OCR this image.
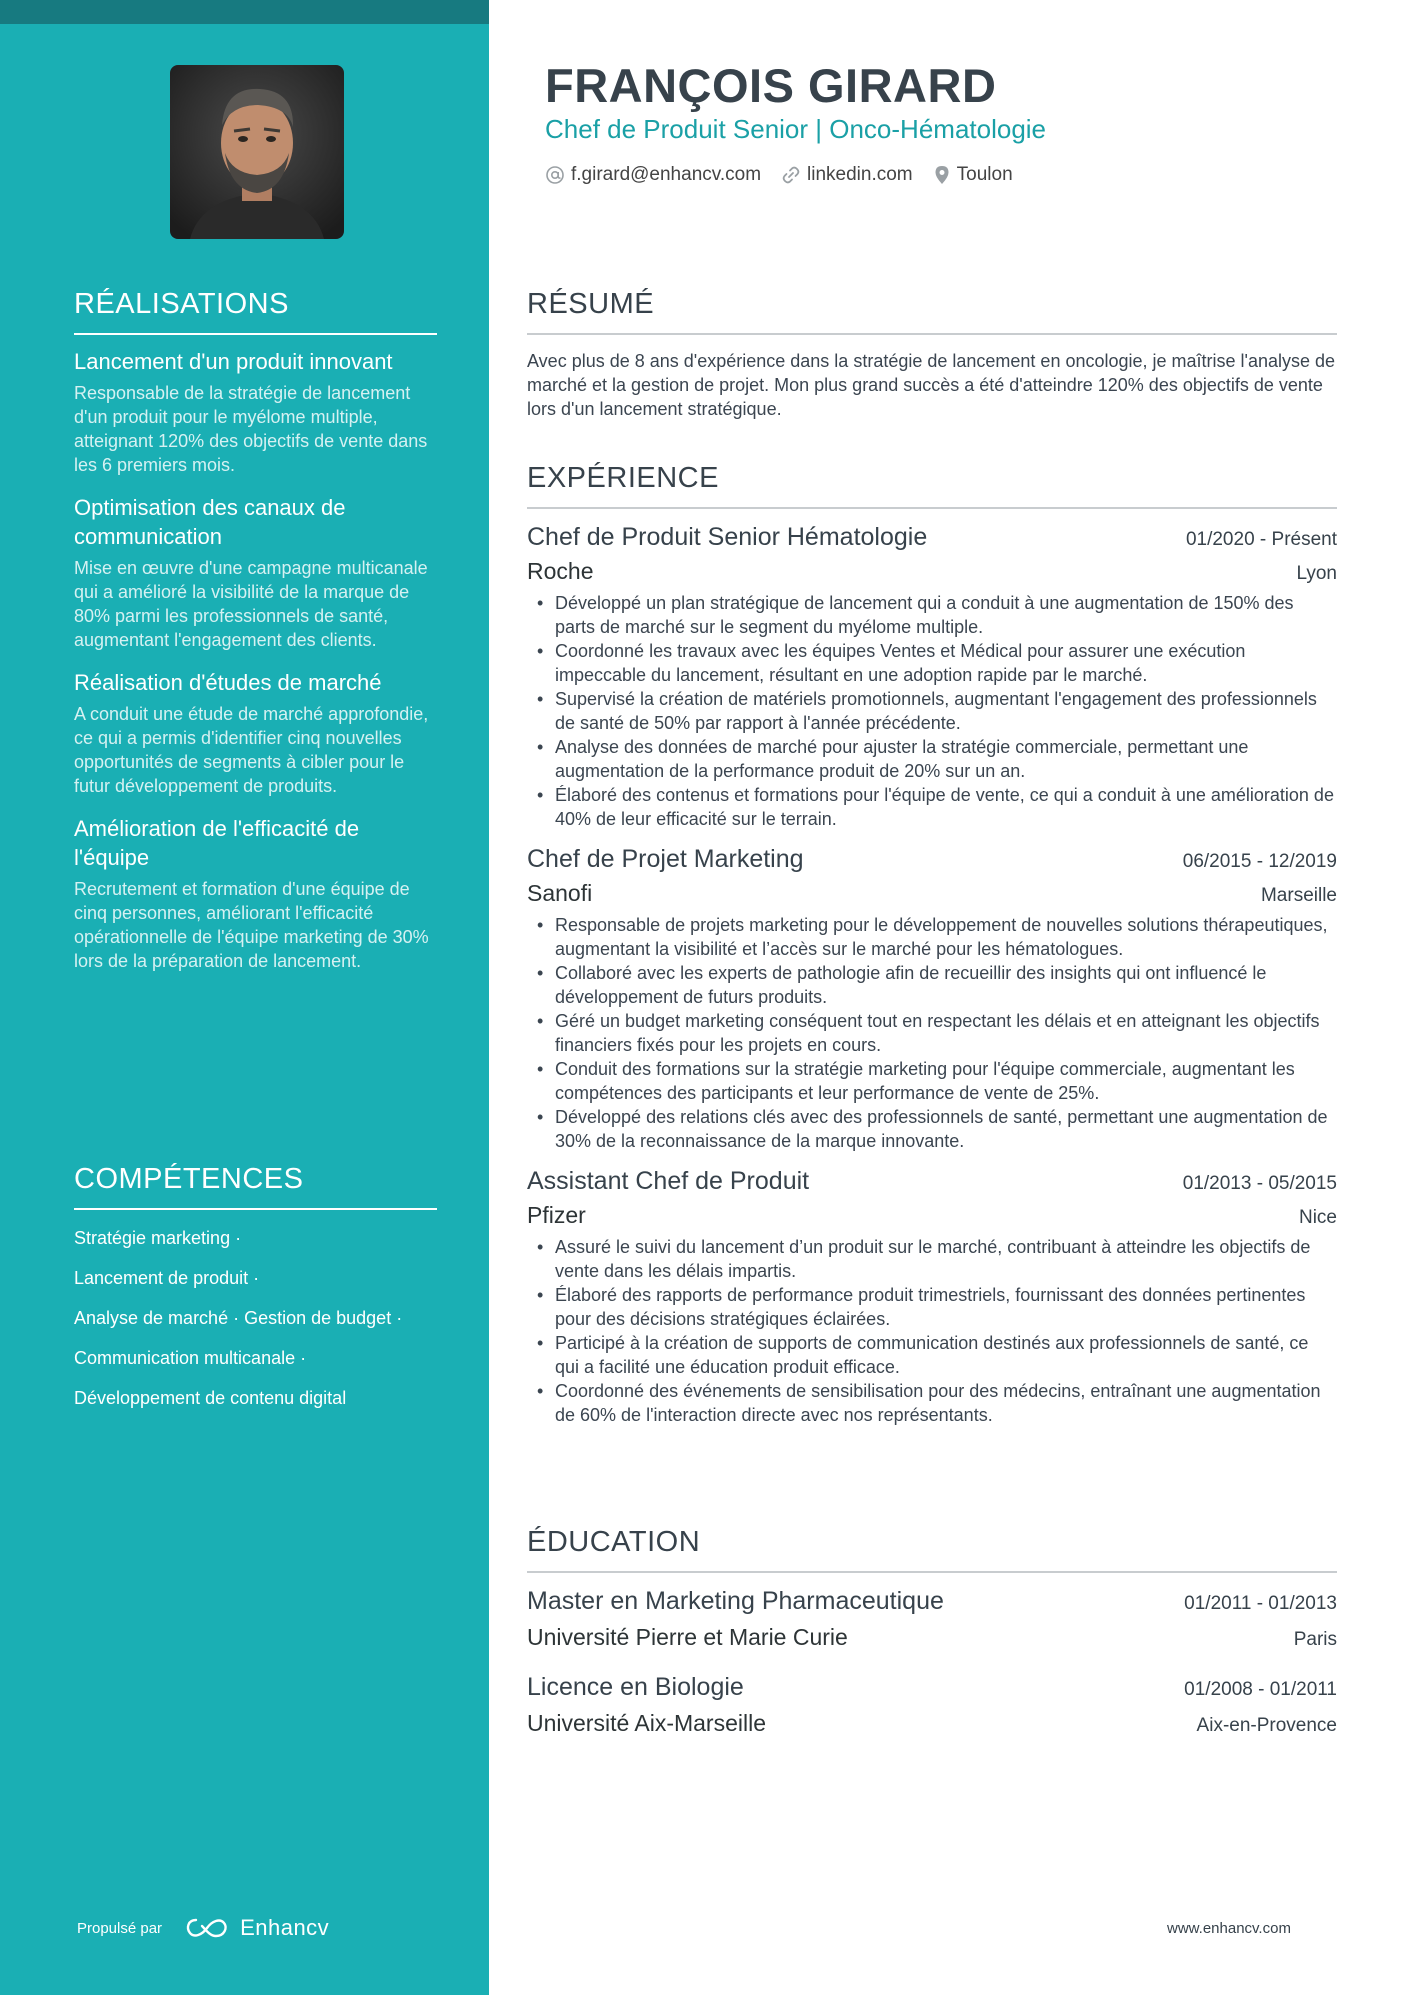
RÉALISATIONS
Lancement d'un produit innovant
Responsable de la stratégie de lancement d'un produit pour le myélome multiple, atteignant 120% des objectifs de vente dans les 6 premiers mois.
Optimisation des canaux de communication
Mise en œuvre d'une campagne multicanale qui a amélioré la visibilité de la marque de 80% parmi les professionnels de santé, augmentant l'engagement des clients.
Réalisation d'études de marché
A conduit une étude de marché approfondie, ce qui a permis d'identifier cinq nouvelles opportunités de segments à cibler pour le futur développement de produits.
Amélioration de l'efficacité de l'équipe
Recrutement et formation d'une équipe de cinq personnes, améliorant l'efficacité opérationnelle de l'équipe marketing de 30% lors de la préparation de lancement.
COMPÉTENCES
Stratégie marketing ·
Lancement de produit ·
Analyse de marché · Gestion de budget ·
Communication multicanale ·
Développement de contenu digital
Propulsé par	Enhancv
FRANÇOIS GIRARD
Chef de Produit Senior | Onco-Hématologie
f.girard@enhancv.com linkedin.com Toulon
RÉSUMÉ
Avec plus de 8 ans d'expérience dans la stratégie de lancement en oncologie, je maîtrise l'analyse de marché et la gestion de projet. Mon plus grand succès a été d'atteindre 120% des objectifs de vente lors d'un lancement stratégique.
EXPÉRIENCE
Chef de Produit Senior Hématologie	01/2020 - Présent
Roche	Lyon
• Développé un plan stratégique de lancement qui a conduit à une augmentation de 150% des parts de marché sur le segment du myélome multiple.
• Coordonné les travaux avec les équipes Ventes et Médical pour assurer une exécution impeccable du lancement, résultant en une adoption rapide par le marché.
• Supervisé la création de matériels promotionnels, augmentant l'engagement des professionnels de santé de 50% par rapport à l'année précédente.
• Analyse des données de marché pour ajuster la stratégie commerciale, permettant une augmentation de la performance produit de 20% sur un an.
• Élaboré des contenus et formations pour l'équipe de vente, ce qui a conduit à une amélioration de 40% de leur efficacité sur le terrain.
Chef de Projet Marketing	06/2015 - 12/2019
Sanofi	Marseille
• Responsable de projets marketing pour le développement de nouvelles solutions thérapeutiques, augmentant la visibilité et l’accès sur le marché pour les hématologues.
• Collaboré avec les experts de pathologie afin de recueillir des insights qui ont influencé le développement de futurs produits.
• Géré un budget marketing conséquent tout en respectant les délais et en atteignant les objectifs financiers fixés pour les projets en cours.
• Conduit des formations sur la stratégie marketing pour l'équipe commerciale, augmentant les compétences des participants et leur performance de vente de 25%.
• Développé des relations clés avec des professionnels de santé, permettant une augmentation de 30% de la reconnaissance de la marque innovante.
Assistant Chef de Produit	01/2013 - 05/2015
Pfizer	Nice
• Assuré le suivi du lancement d’un produit sur le marché, contribuant à atteindre les objectifs de vente dans les délais impartis.
• Élaboré des rapports de performance produit trimestriels, fournissant des données pertinentes pour des décisions stratégiques éclairées.
• Participé à la création de supports de communication destinés aux professionnels de santé, ce qui a facilité une éducation produit efficace.
• Coordonné des événements de sensibilisation pour des médecins, entraînant une augmentation de 60% de l'interaction directe avec nos représentants.
ÉDUCATION
Master en Marketing Pharmaceutique	01/2011 - 01/2013
Université Pierre et Marie Curie	Paris
Licence en Biologie	01/2008 - 01/2011
Université Aix-Marseille	Aix-en-Provence
www.enhancv.com
